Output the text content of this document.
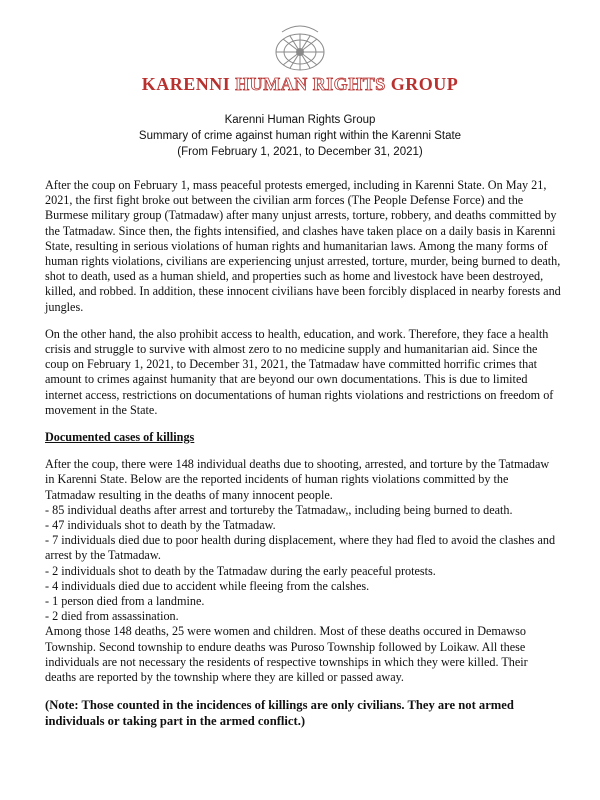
KARENNI HUMAN RIGHTS GROUP
Karenni Human Rights Group
Summary of crime against human right within the Karenni State
(From February 1, 2021, to December 31, 2021)

After the coup on February 1, mass peaceful protests emerged, including in Karenni State. On May 21, 2021, the first fight broke out between the civilian arm forces (The People Defense Force) and the Burmese military group (Tatmadaw) after many unjust arrests, torture, robbery, and deaths committed by the Tatmadaw. Since then, the fights intensified, and clashes have taken place on a daily basis in Karenni State, resulting in serious violations of human rights and humanitarian laws. Among the many forms of human rights violations, civilians are experiencing unjust arrested, torture, murder, being burned to death, shot to death, used as a human shield, and properties such as home and livestock have been destroyed, killed, and robbed. In addition, these innocent civilians have been forcibly displaced in nearby forests and jungles.

On the other hand, the also prohibit access to health, education, and work. Therefore, they face a health crisis and struggle to survive with almost zero to no medicine supply and humanitarian aid. Since the coup on February 1, 2021, to December 31, 2021, the Tatmadaw have committed horrific crimes that amount to crimes against humanity that are beyond our own documentations. This is due to limited internet access, restrictions on documentations of human rights violations and restrictions on freedom of movement in the State.

Documented cases of killings

After the coup, there were 148 individual deaths due to shooting, arrested, and torture by the Tatmadaw in Karenni State. Below are the reported incidents of human rights violations committed by the Tatmadaw resulting in the deaths of many innocent people.

- 85 individual deaths after arrest and tortureby the Tatmadaw,, including being burned to death.
- 47 individuals shot to death by the Tatmadaw.
- 7 individuals died due to poor health during displacement, where they had fled to avoid the clashes and arrest by the Tatmadaw.
- 2 individuals shot to death by the Tatmadaw during the early peaceful protests.
- 4 individuals died due to accident while fleeing from the calshes.
- 1 person died from a landmine.
- 2 died from assassination.

Among those 148 deaths, 25 were women and children. Most of these deaths occured in Demawso Township. Second township to endure deaths was Puroso Township followed by Loikaw. All these individuals are not necessary the residents of respective townships in which they were killed. Their deaths are reported by the township where they are killed or passed away.

(Note: Those counted in the incidences of killings are only civilians. They are not armed individuals or taking part in the armed conflict.)
